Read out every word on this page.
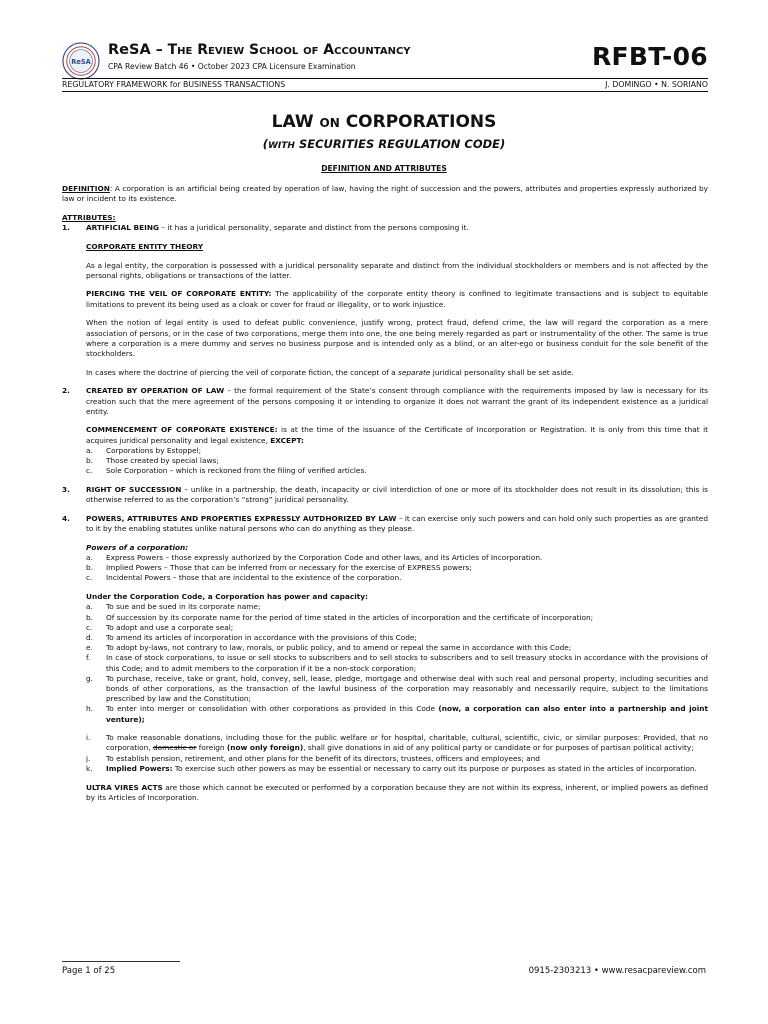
ReSA
ReSA – The Review School of Accountancy
CPA Review Batch 46 • October 2023 CPA Licensure Examination	RFBT-06
REGULATORY FRAMEWORK for BUSINESS TRANSACTIONS	J. DOMINGO • N. SORIANO
LAW ON CORPORATIONS
(WITH SECURITIES REGULATION CODE)
DEFINITION AND ATTRIBUTES

DEFINITION: A corporation is an artificial being created by operation of law, having the right of succession and the powers, attributes and properties expressly authorized by law or incident to its existence.

ATTRIBUTES:

1.	ARTIFICIAL BEING – it has a juridical personality, separate and distinct from the persons composing it.

CORPORATE ENTITY THEORY

As a legal entity, the corporation is possessed with a juridical personality separate and distinct from the individual stockholders or members and is not affected by the personal rights, obligations or transactions of the latter.

PIERCING THE VEIL OF CORPORATE ENTITY: The applicability of the corporate entity theory is confined to legitimate transactions and is subject to equitable limitations to prevent its being used as a cloak or cover for fraud or illegality, or to work injustice.

When the notion of legal entity is used to defeat public convenience, justify wrong, protect fraud, defend crime, the law will regard the corporation as a mere association of persons, or in the case of two corporations, merge them into one, the one being merely regarded as part or instrumentality of the other. The same is true where a corporation is a mere dummy and serves no business purpose and is intended only as a blind, or an alter-ego or business conduit for the sole benefit of the stockholders.

In cases where the doctrine of piercing the veil of corporate fiction, the concept of a separate juridical personality shall be set aside.

2.	CREATED BY OPERATION OF LAW – the formal requirement of the State’s consent through compliance with the requirements imposed by law is necessary for its creation such that the mere agreement of the persons composing it or intending to organize it does not warrant the grant of its independent existence as a juridical entity.

COMMENCEMENT OF CORPORATE EXISTENCE: is at the time of the issuance of the Certificate of Incorporation or Registration. It is only from this time that it acquires juridical personality and legal existence, EXCEPT:

a.	Corporations by Estoppel;
b.	Those created by special laws;
c.	Sole Corporation – which is reckoned from the filing of verified articles.
3.	RIGHT OF SUCCESSION – unlike in a partnership, the death, incapacity or civil interdiction of one or more of its stockholder does not result in its dissolution; this is otherwise referred to as the corporation’s “strong” juridical personality.
4.	POWERS, ATTRIBUTES AND PROPERTIES EXPRESSLY AUTDHORIZED BY LAW – it can exercise only such powers and can hold only such properties as are granted to it by the enabling statutes unlike natural persons who can do anything as they please.

Powers of a corporation:

a.	Express Powers – those expressly authorized by the Corporation Code and other laws, and its Articles of Incorporation.
b.	Implied Powers – Those that can be inferred from or necessary for the exercise of EXPRESS powers;
c.	Incidental Powers – those that are incidental to the existence of the corporation.

Under the Corporation Code, a Corporation has power and capacity:

a.	To sue and be sued in its corporate name;
b.	Of succession by its corporate name for the period of time stated in the articles of incorporation and the certificate of incorporation;
c.	To adopt and use a corporate seal;
d.	To amend its articles of incorporation in accordance with the provisions of this Code;
e.	To adopt by-laws, not contrary to law, morals, or public policy, and to amend or repeal the same in accordance with this Code;
f.	In case of stock corporations, to issue or sell stocks to subscribers and to sell stocks to subscribers and to sell treasury stocks in accordance with the provisions of this Code; and to admit members to the corporation if it be a non-stock corporation;
g.	To purchase, receive, take or grant, hold, convey, sell, lease, pledge, mortgage and otherwise deal with such real and personal property, including securities and bonds of other corporations, as the transaction of the lawful business of the corporation may reasonably and necessarily require, subject to the limitations prescribed by law and the Constitution;
h.	To enter into merger or consolidation with other corporations as provided in this Code (now, a corporation can also enter into a partnership and joint venture);
i.	To make reasonable donations, including those for the public welfare or for hospital, charitable, cultural, scientific, civic, or similar purposes: Provided, that no corporation, domestic or foreign (now only foreign), shall give donations in aid of any political party or candidate or for purposes of partisan political activity;
j.	To establish pension, retirement, and other plans for the benefit of its directors, trustees, officers and employees; and
k.	Implied Powers: To exercise such other powers as may be essential or necessary to carry out its purpose or purposes as stated in the articles of incorporation.

ULTRA VIRES ACTS are those which cannot be executed or performed by a corporation because they are not within its express, inherent, or implied powers as defined by its Articles of Incorporation.

Page 1 of 25	0915-2303213 • www.resacpareview.com
